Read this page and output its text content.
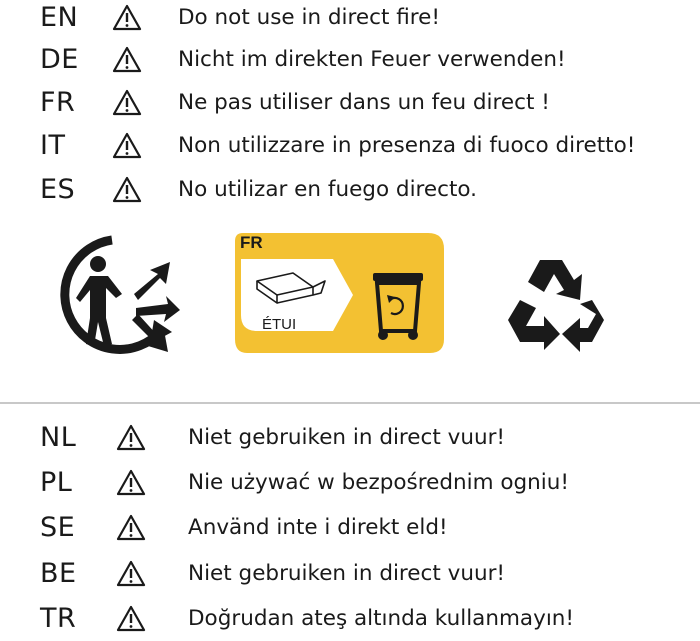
EN	Do not use in direct fire!
DE	Nicht im direkten Feuer verwenden!
FR	Ne pas utiliser dans un feu direct !
IT	Non utilizzare in presenza di fuoco diretto!
ES	No utilizar en fuego directo.
FR
ÉTUI
NL	Niet gebruiken in direct vuur!
PL	Nie używać w bezpośrednim ogniu!
SE	Använd inte i direkt eld!
BE	Niet gebruiken in direct vuur!
TR	Doğrudan ateş altında kullanmayın!
